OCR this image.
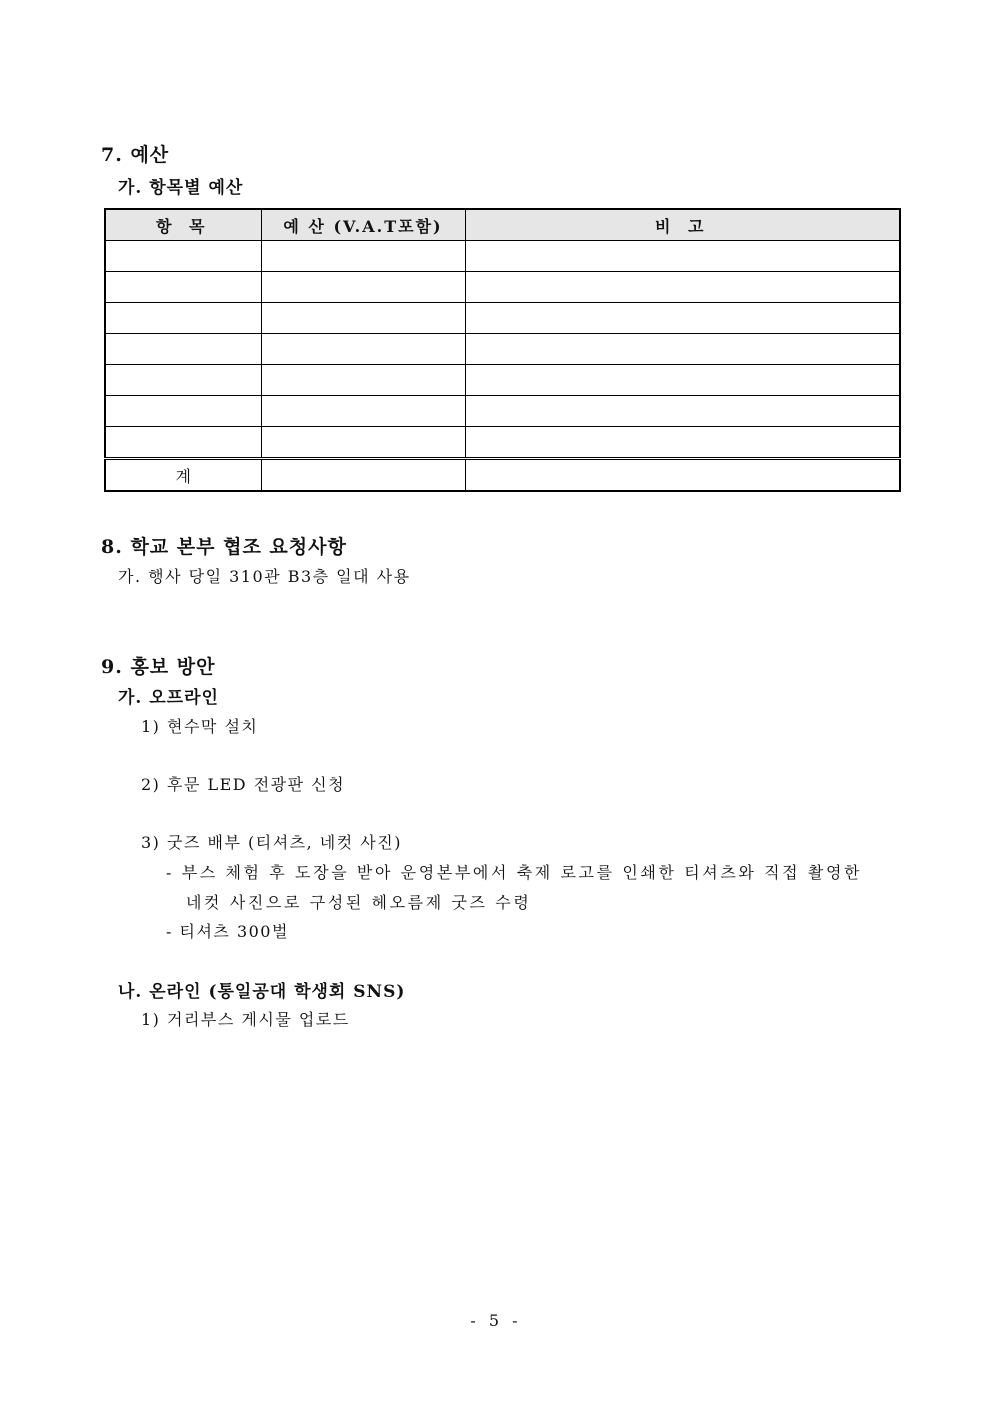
7. 예산
가. 항목별 예산
항 목	예 산 (V.A.T포함)	비 고

계		
8. 학교 본부 협조 요청사항
가. 행사 당일 310관 B3층 일대 사용
9. 홍보 방안
가. 오프라인
1) 현수막 설치
2) 후문 LED 전광판 신청
3) 굿즈 배부 (티셔츠, 네컷 사진)
- 부스 체험 후 도장을 받아 운영본부에서 축제 로고를 인쇄한 티셔츠와 직접 촬영한
네컷 사진으로 구성된 헤오름제 굿즈 수령
- 티셔츠 300벌
나. 온라인 (통일공대 학생회 SNS)
1) 거리부스 게시물 업로드
- 5 -
